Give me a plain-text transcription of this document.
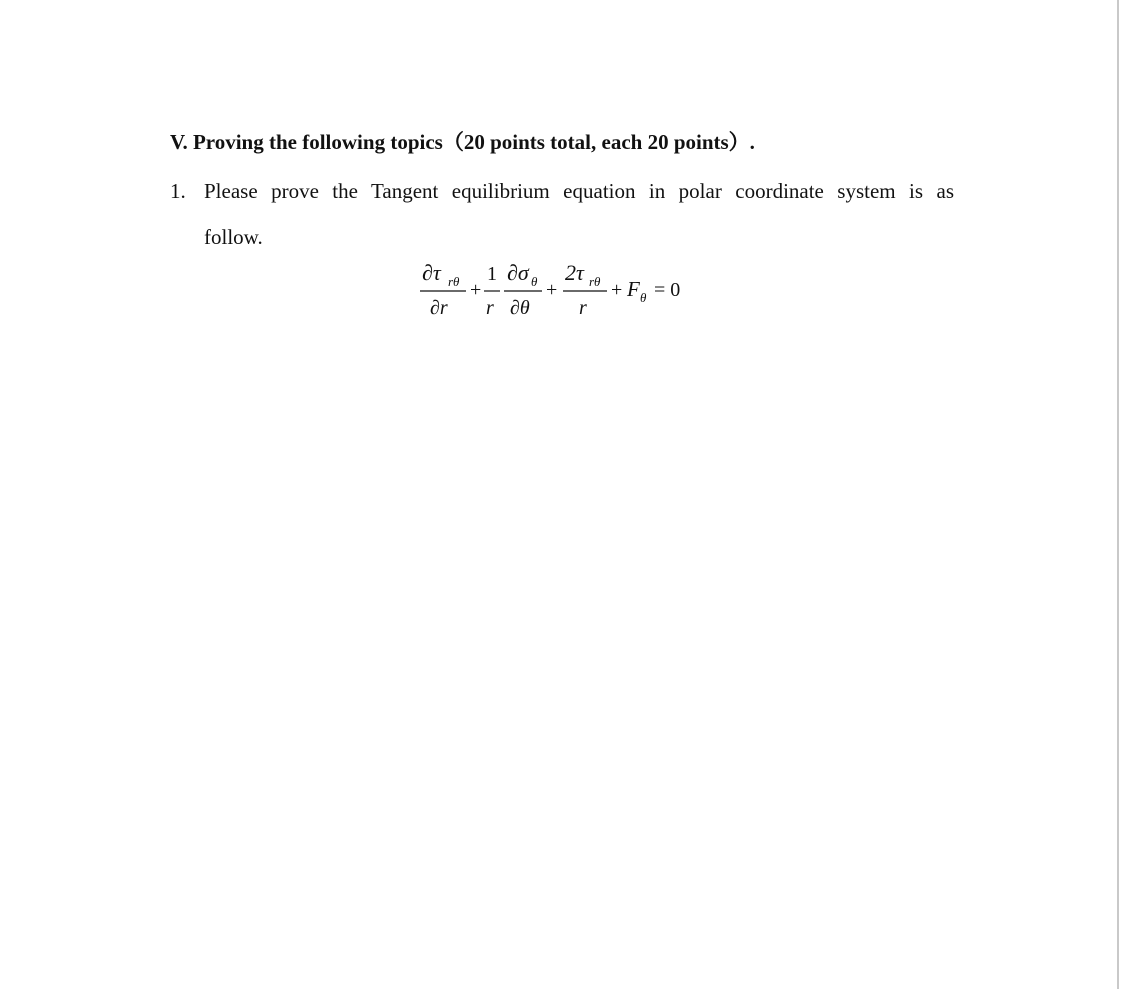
V. Proving the following topics（20 points total, each 20 points）.
1. Please prove the Tangent equilibrium equation in polar coordinate system is as
follow.
∂τ rθ
∂r
+
1
r
∂σ θ
∂θ
+
2τ rθ
r
+ F θ = 0
